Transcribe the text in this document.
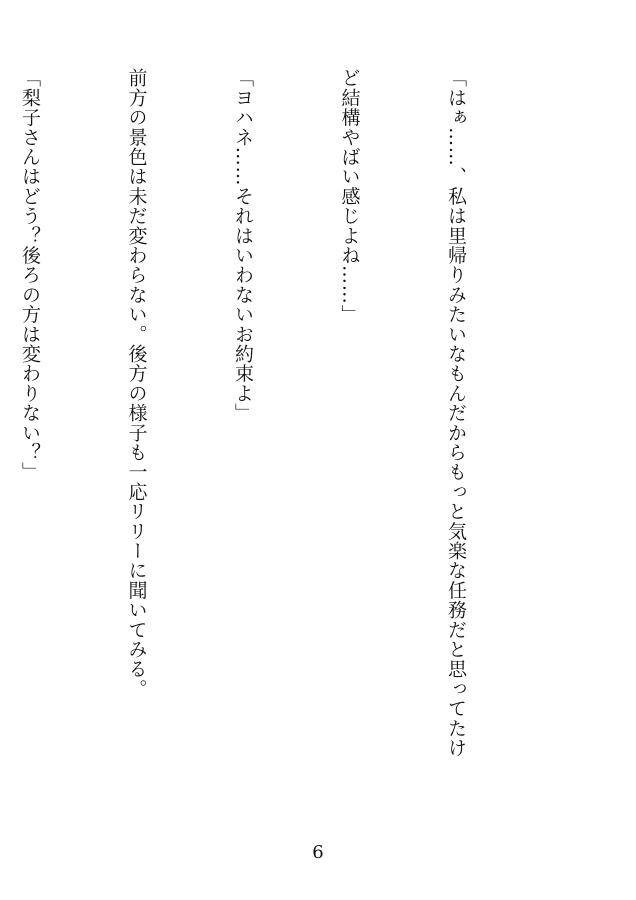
「はぁ……、私は里帰りみたいなもんだからもっと気楽な任務だと思ってたけ

ど結構やばい感じよね……」

「ヨハネ……それはいわないお約束よ」

前方の景色は未だ変わらない。後方の様子も一応リリーに聞いてみる。

「梨子さんはどう？後ろの方は変わりない？」

6
